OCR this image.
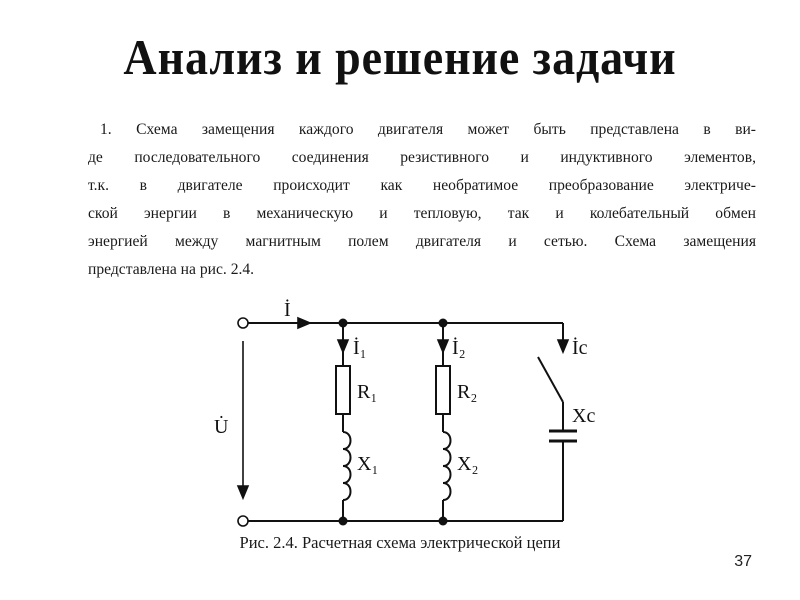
Анализ и решение задачи
1. Схема замещения каждого двигателя может быть представлена в ви-
де последовательного соединения резистивного и индуктивного элементов,
т.к. в двигателе происходит как необратимое преобразование электриче-
ской энергии в механическую и тепловую, так и колебательный обмен
энергией между магнитным полем двигателя и сетью. Схема замещения
представлена на рис. 2.4.
İ
İ₁	İ₂	İc
U̇
R₁	R₂
X₁	X₂
Xc
Рис. 2.4. Расчетная схема электрической цепи
37
